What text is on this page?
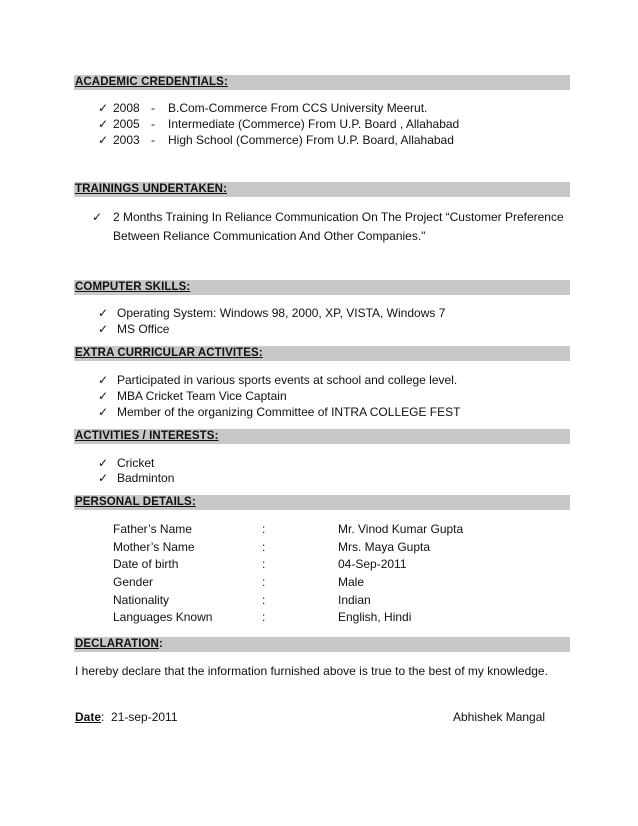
ACADEMIC CREDENTIALS:
✓ 2008 - B.Com-Commerce From CCS University Meerut.
✓ 2005 - Intermediate (Commerce) From U.P. Board , Allahabad
✓ 2003 - High School (Commerce) From U.P. Board, Allahabad
TRAININGS UNDERTAKEN:
✓ 2 Months Training In Reliance Communication On The Project “Customer Preference
Between Reliance Communication And Other Companies."
COMPUTER SKILLS:
✓ Operating System: Windows 98, 2000, XP, VISTA, Windows 7
✓ MS Office
EXTRA CURRICULAR ACTIVITES:
✓ Participated in various sports events at school and college level.
✓ MBA Cricket Team Vice Captain
✓ Member of the organizing Committee of INTRA COLLEGE FEST
ACTIVITIES / INTERESTS:
✓ Cricket
✓ Badminton
PERSONAL DETAILS:
Father’s Name	:	Mr. Vinod Kumar Gupta
Mother’s Name	:	Mrs. Maya Gupta
Date of birth	:	04-Sep-2011
Gender	:	Male
Nationality	:	Indian
Languages Known	:	English, Hindi
DECLARATION:
I hereby declare that the information furnished above is true to the best of my knowledge.
Date:  21-sep-2011	Abhishek Mangal
